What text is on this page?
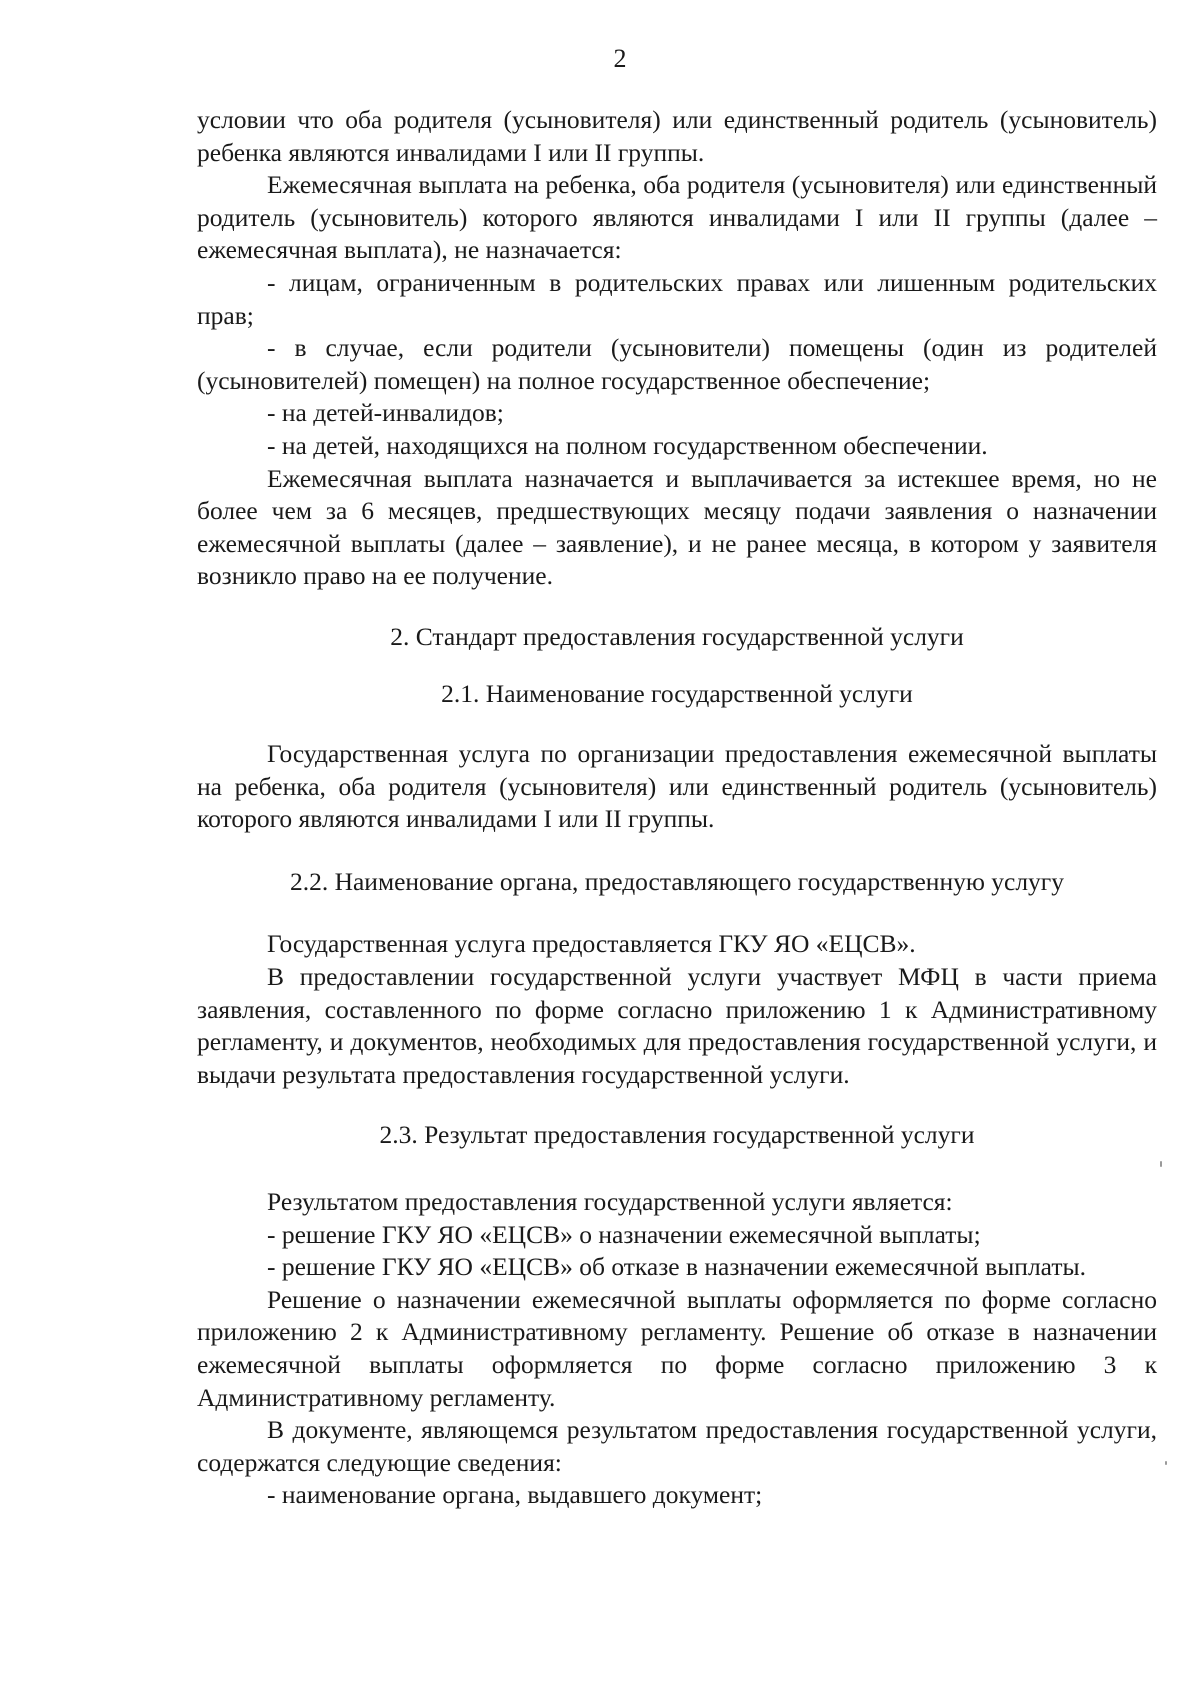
2

условии что оба родителя (усыновителя) или единственный родитель (усыновитель) ребенка являются инвалидами I или II группы.

Ежемесячная выплата на ребенка, оба родителя (усыновителя) или единственный родитель (усыновитель) которого являются инвалидами I или II группы (далее – ежемесячная выплата), не назначается:

- лицам, ограниченным в родительских правах или лишенным родительских прав;

- в случае, если родители (усыновители) помещены (один из родителей (усыновителей) помещен) на полное государственное обеспечение;

- на детей-инвалидов;

- на детей, находящихся на полном государственном обеспечении.

Ежемесячная выплата назначается и выплачивается за истекшее время, но не более чем за 6 месяцев, предшествующих месяцу подачи заявления о назначении ежемесячной выплаты (далее – заявление), и не ранее месяца, в котором у заявителя возникло право на ее получение.

2. Стандарт предоставления государственной услуги
2.1. Наименование государственной услуги

Государственная услуга по организации предоставления ежемесячной выплаты на ребенка, оба родителя (усыновителя) или единственный родитель (усыновитель) которого являются инвалидами I или II группы.

2.2. Наименование органа, предоставляющего государственную услугу

Государственная услуга предоставляется ГКУ ЯО «ЕЦСВ».

В предоставлении государственной услуги участвует МФЦ в части приема заявления, составленного по форме согласно приложению 1 к Административному регламенту, и документов, необходимых для предоставления государственной услуги, и выдачи результата предоставления государственной услуги.

2.3. Результат предоставления государственной услуги

Результатом предоставления государственной услуги является:

- решение ГКУ ЯО «ЕЦСВ» о назначении ежемесячной выплаты;

- решение ГКУ ЯО «ЕЦСВ» об отказе в назначении ежемесячной выплаты.

Решение о назначении ежемесячной выплаты оформляется по форме согласно приложению 2 к Административному регламенту. Решение об отказе в назначении ежемесячной выплаты оформляется по форме согласно приложению 3 к Административному регламенту.

В документе, являющемся результатом предоставления государственной услуги, содержатся следующие сведения:

- наименование органа, выдавшего документ;
